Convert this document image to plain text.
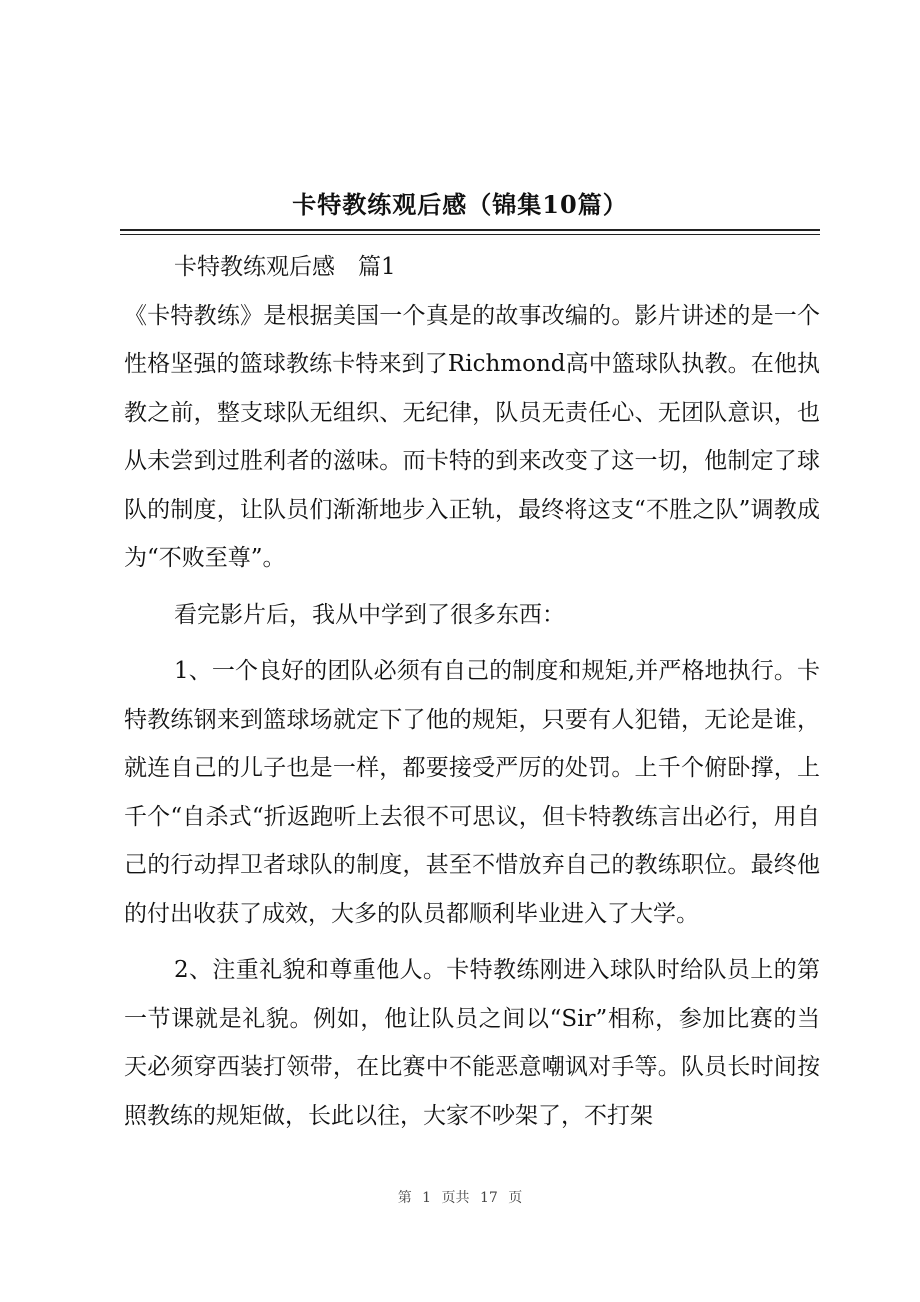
卡特教练观后感（锦集10篇）

卡特教练观后感　篇1

《卡特教练》是根据美国一个真是的故事改编的。影片讲述的是一个性格坚强的篮球教练卡特来到了Richmond高中篮球队执教。在他执教之前，整支球队无组织、无纪律，队员无责任心、无团队意识，也从未尝到过胜利者的滋味。而卡特的到来改变了这一切，他制定了球队的制度，让队员们渐渐地步入正轨，最终将这支“不胜之队”调教成为“不败至尊”。

看完影片后，我从中学到了很多东西：

1、一个良好的团队必须有自己的制度和规矩,并严格地执行。卡特教练钢来到篮球场就定下了他的规矩，只要有人犯错，无论是谁，就连自己的儿子也是一样，都要接受严厉的处罚。上千个俯卧撑，上千个“自杀式“折返跑听上去很不可思议，但卡特教练言出必行，用自己的行动捍卫者球队的制度，甚至不惜放弃自己的教练职位。最终他的付出收获了成效，大多的队员都顺利毕业进入了大学。

2、注重礼貌和尊重他人。卡特教练刚进入球队时给队员上的第一节课就是礼貌。例如，他让队员之间以“Sir”相称，参加比赛的当天必须穿西装打领带，在比赛中不能恶意嘲讽对手等。队员长时间按照教练的规矩做，长此以往，大家不吵架了，不打架

第 1 页共 17 页
